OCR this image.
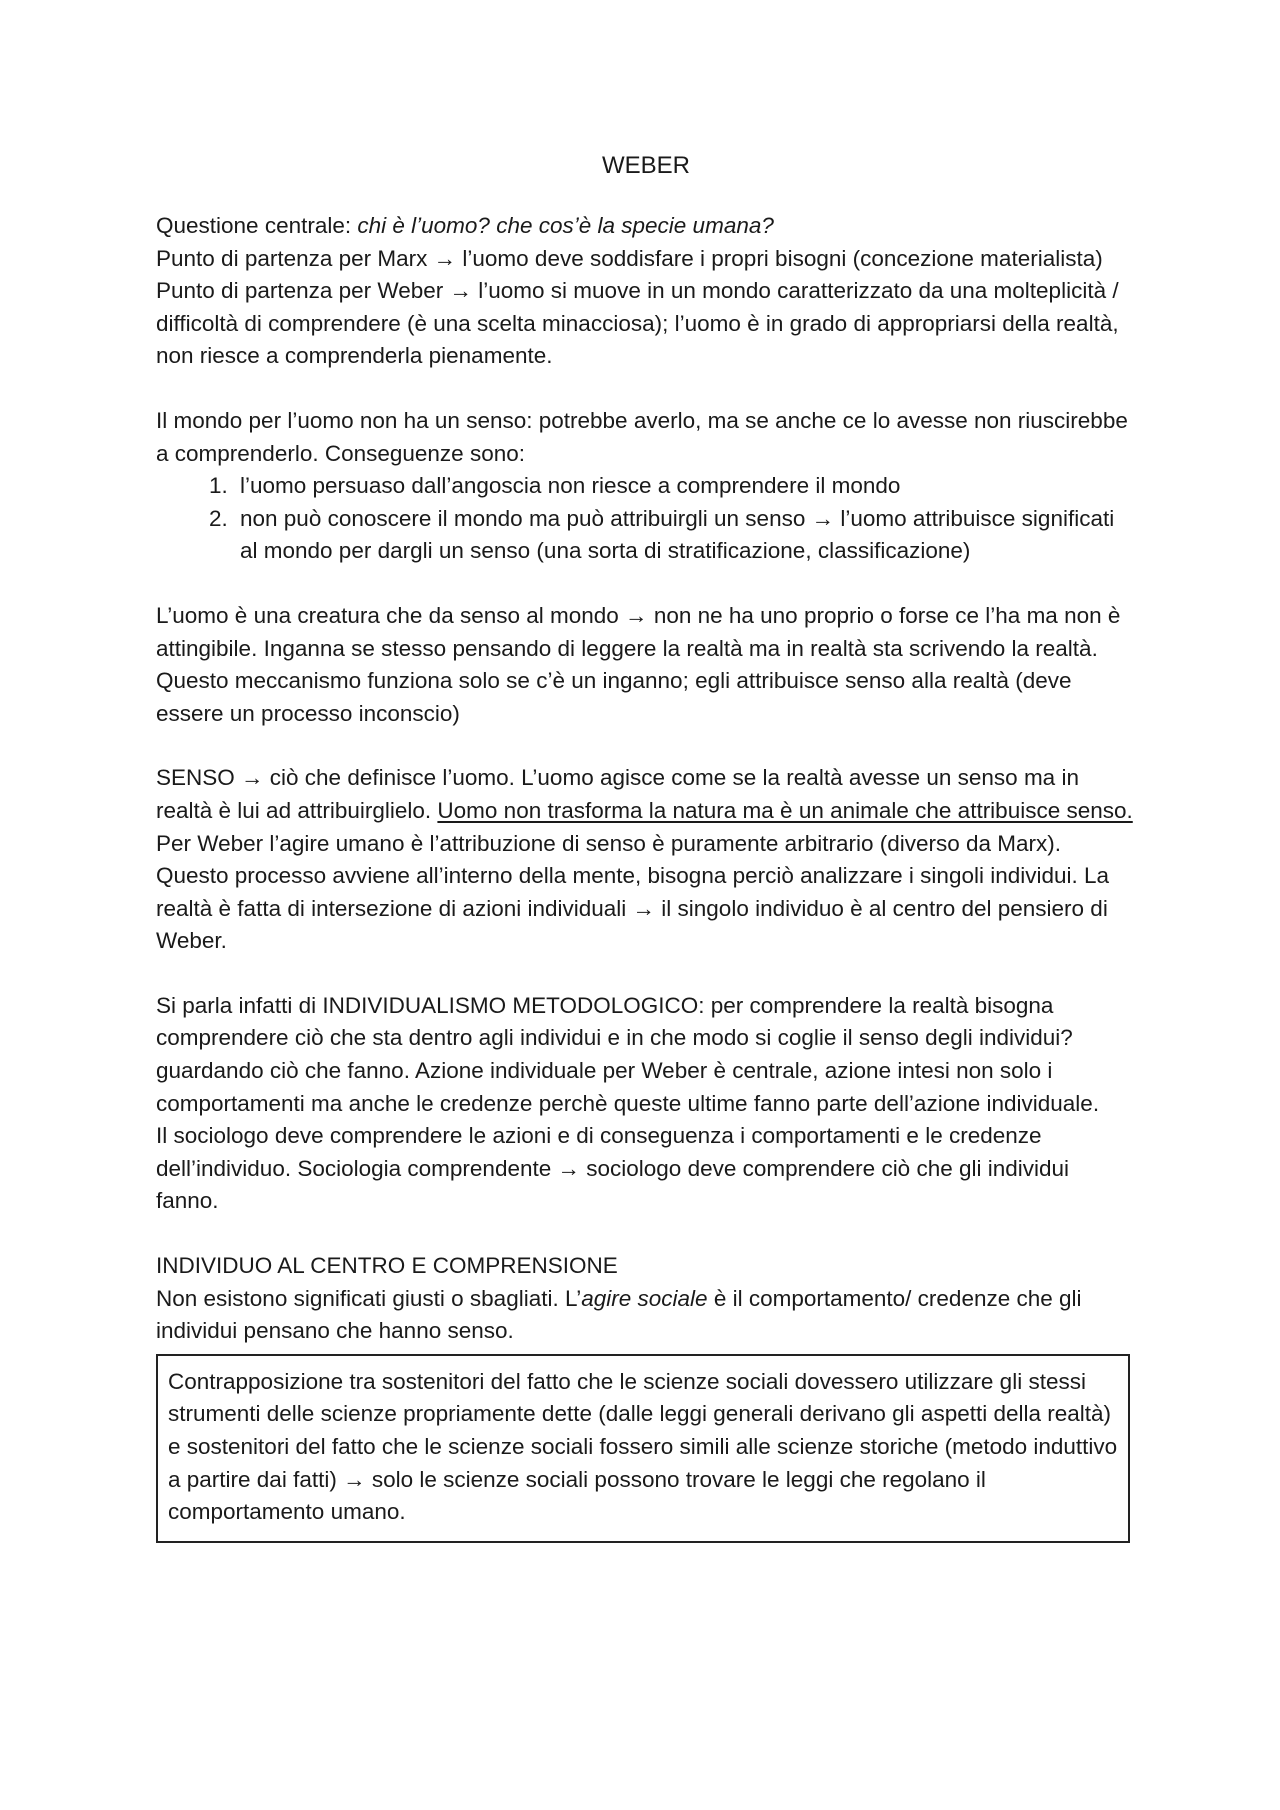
WEBER

Questione centrale: chi è l’uomo? che cos’è la specie umana?

Punto di partenza per Marx → l’uomo deve soddisfare i propri bisogni (concezione materialista)

Punto di partenza per Weber → l’uomo si muove in un mondo caratterizzato da una molteplicità / difficoltà di comprendere (è una scelta minacciosa); l’uomo è in grado di appropriarsi della realtà, non riesce a comprenderla pienamente.

Il mondo per l’uomo non ha un senso: potrebbe averlo, ma se anche ce lo avesse non riuscirebbe a comprenderlo. Conseguenze sono:

1. l’uomo persuaso dall’angoscia non riesce a comprendere il mondo
2. non può conoscere il mondo ma può attribuirgli un senso → l’uomo attribuisce significati al mondo per dargli un senso (una sorta di stratificazione, classificazione)

L’uomo è una creatura che da senso al mondo → non ne ha uno proprio o forse ce l’ha ma non è attingibile. Inganna se stesso pensando di leggere la realtà ma in realtà sta scrivendo la realtà. Questo meccanismo funziona solo se c’è un inganno; egli attribuisce senso alla realtà (deve essere un processo inconscio)

SENSO → ciò che definisce l’uomo. L’uomo agisce come se la realtà avesse un senso ma in realtà è lui ad attribuirglielo. Uomo non trasforma la natura ma è un animale che attribuisce senso. Per Weber l’agire umano è l’attribuzione di senso è puramente arbitrario (diverso da Marx). Questo processo avviene all’interno della mente, bisogna perciò analizzare i singoli individui. La realtà è fatta di intersezione di azioni individuali → il singolo individuo è al centro del pensiero di Weber.

Si parla infatti di INDIVIDUALISMO METODOLOGICO: per comprendere la realtà bisogna comprendere ciò che sta dentro agli individui e in che modo si coglie il senso degli individui? guardando ciò che fanno. Azione individuale per Weber è centrale, azione intesi non solo i comportamenti ma anche le credenze perchè queste ultime fanno parte dell’azione individuale.

Il sociologo deve comprendere le azioni e di conseguenza i comportamenti e le credenze dell’individuo. Sociologia comprendente → sociologo deve comprendere ciò che gli individui fanno.

INDIVIDUO AL CENTRO E COMPRENSIONE

Non esistono significati giusti o sbagliati. L’agire sociale è il comportamento/ credenze che gli individui pensano che hanno senso.

Contrapposizione tra sostenitori del fatto che le scienze sociali dovessero utilizzare gli stessi strumenti delle scienze propriamente dette (dalle leggi generali derivano gli aspetti della realtà) e sostenitori del fatto che le scienze sociali fossero simili alle scienze storiche (metodo induttivo a partire dai fatti) → solo le scienze sociali possono trovare le leggi che regolano il comportamento umano.
